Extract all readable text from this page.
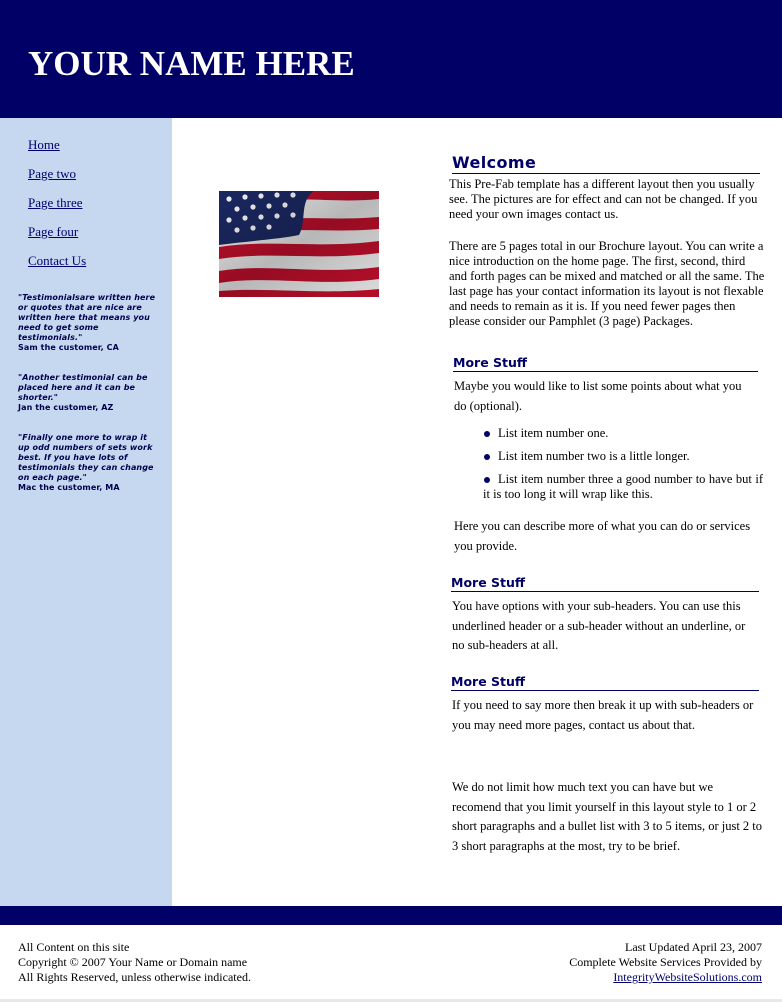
YOUR NAME HERE
Home
Page two
Page three
Page four
Contact Us

"Testimonialsare written here or quotes that are nice are written here that means you need to get some testimonials."
Sam the customer, CA

"Another testimonial can be placed here and it can be shorter."
Jan the customer, AZ

"Finally one more to wrap it up odd numbers of sets work best. If you have lots of testimonials they can change on each page."
Mac the customer, MA

Welcome

This Pre-Fab template has a different layout then you usually see. The pictures are for effect and can not be changed. If you need your own images contact us.

There are 5 pages total in our Brochure layout. You can write a nice introduction on the home page. The first, second, third and forth pages can be mixed and matched or all the same. The last page has your contact information its layout is not flexable and needs to remain as it is. If you need fewer pages then please consider our Pamphlet (3 page) Packages.

More Stuff

Maybe you would like to list some points about what you do (optional).

List item number one.
List item number two is a little longer.
List item number three a good number to have but if it is too long it will wrap like this.

Here you can describe more of what you can do or services you provide.

More Stuff

You have options with your sub-headers. You can use this underlined header or a sub-header without an underline, or no sub-headers at all.

More Stuff

If you need to say more then break it up with sub-headers or you may need more pages, contact us about that.

We do not limit how much text you can have but we recomend that you limit yourself in this layout style to 1 or 2 short paragraphs and a bullet list with 3 to 5 items, or just 2 to 3 short paragraphs at the most, try to be brief.

All Content on this site
Copyright © 2007 Your Name or Domain name
All Rights Reserved, unless otherwise indicated.
Last Updated April 23, 2007
Complete Website Services Provided by
IntegrityWebsiteSolutions.com
